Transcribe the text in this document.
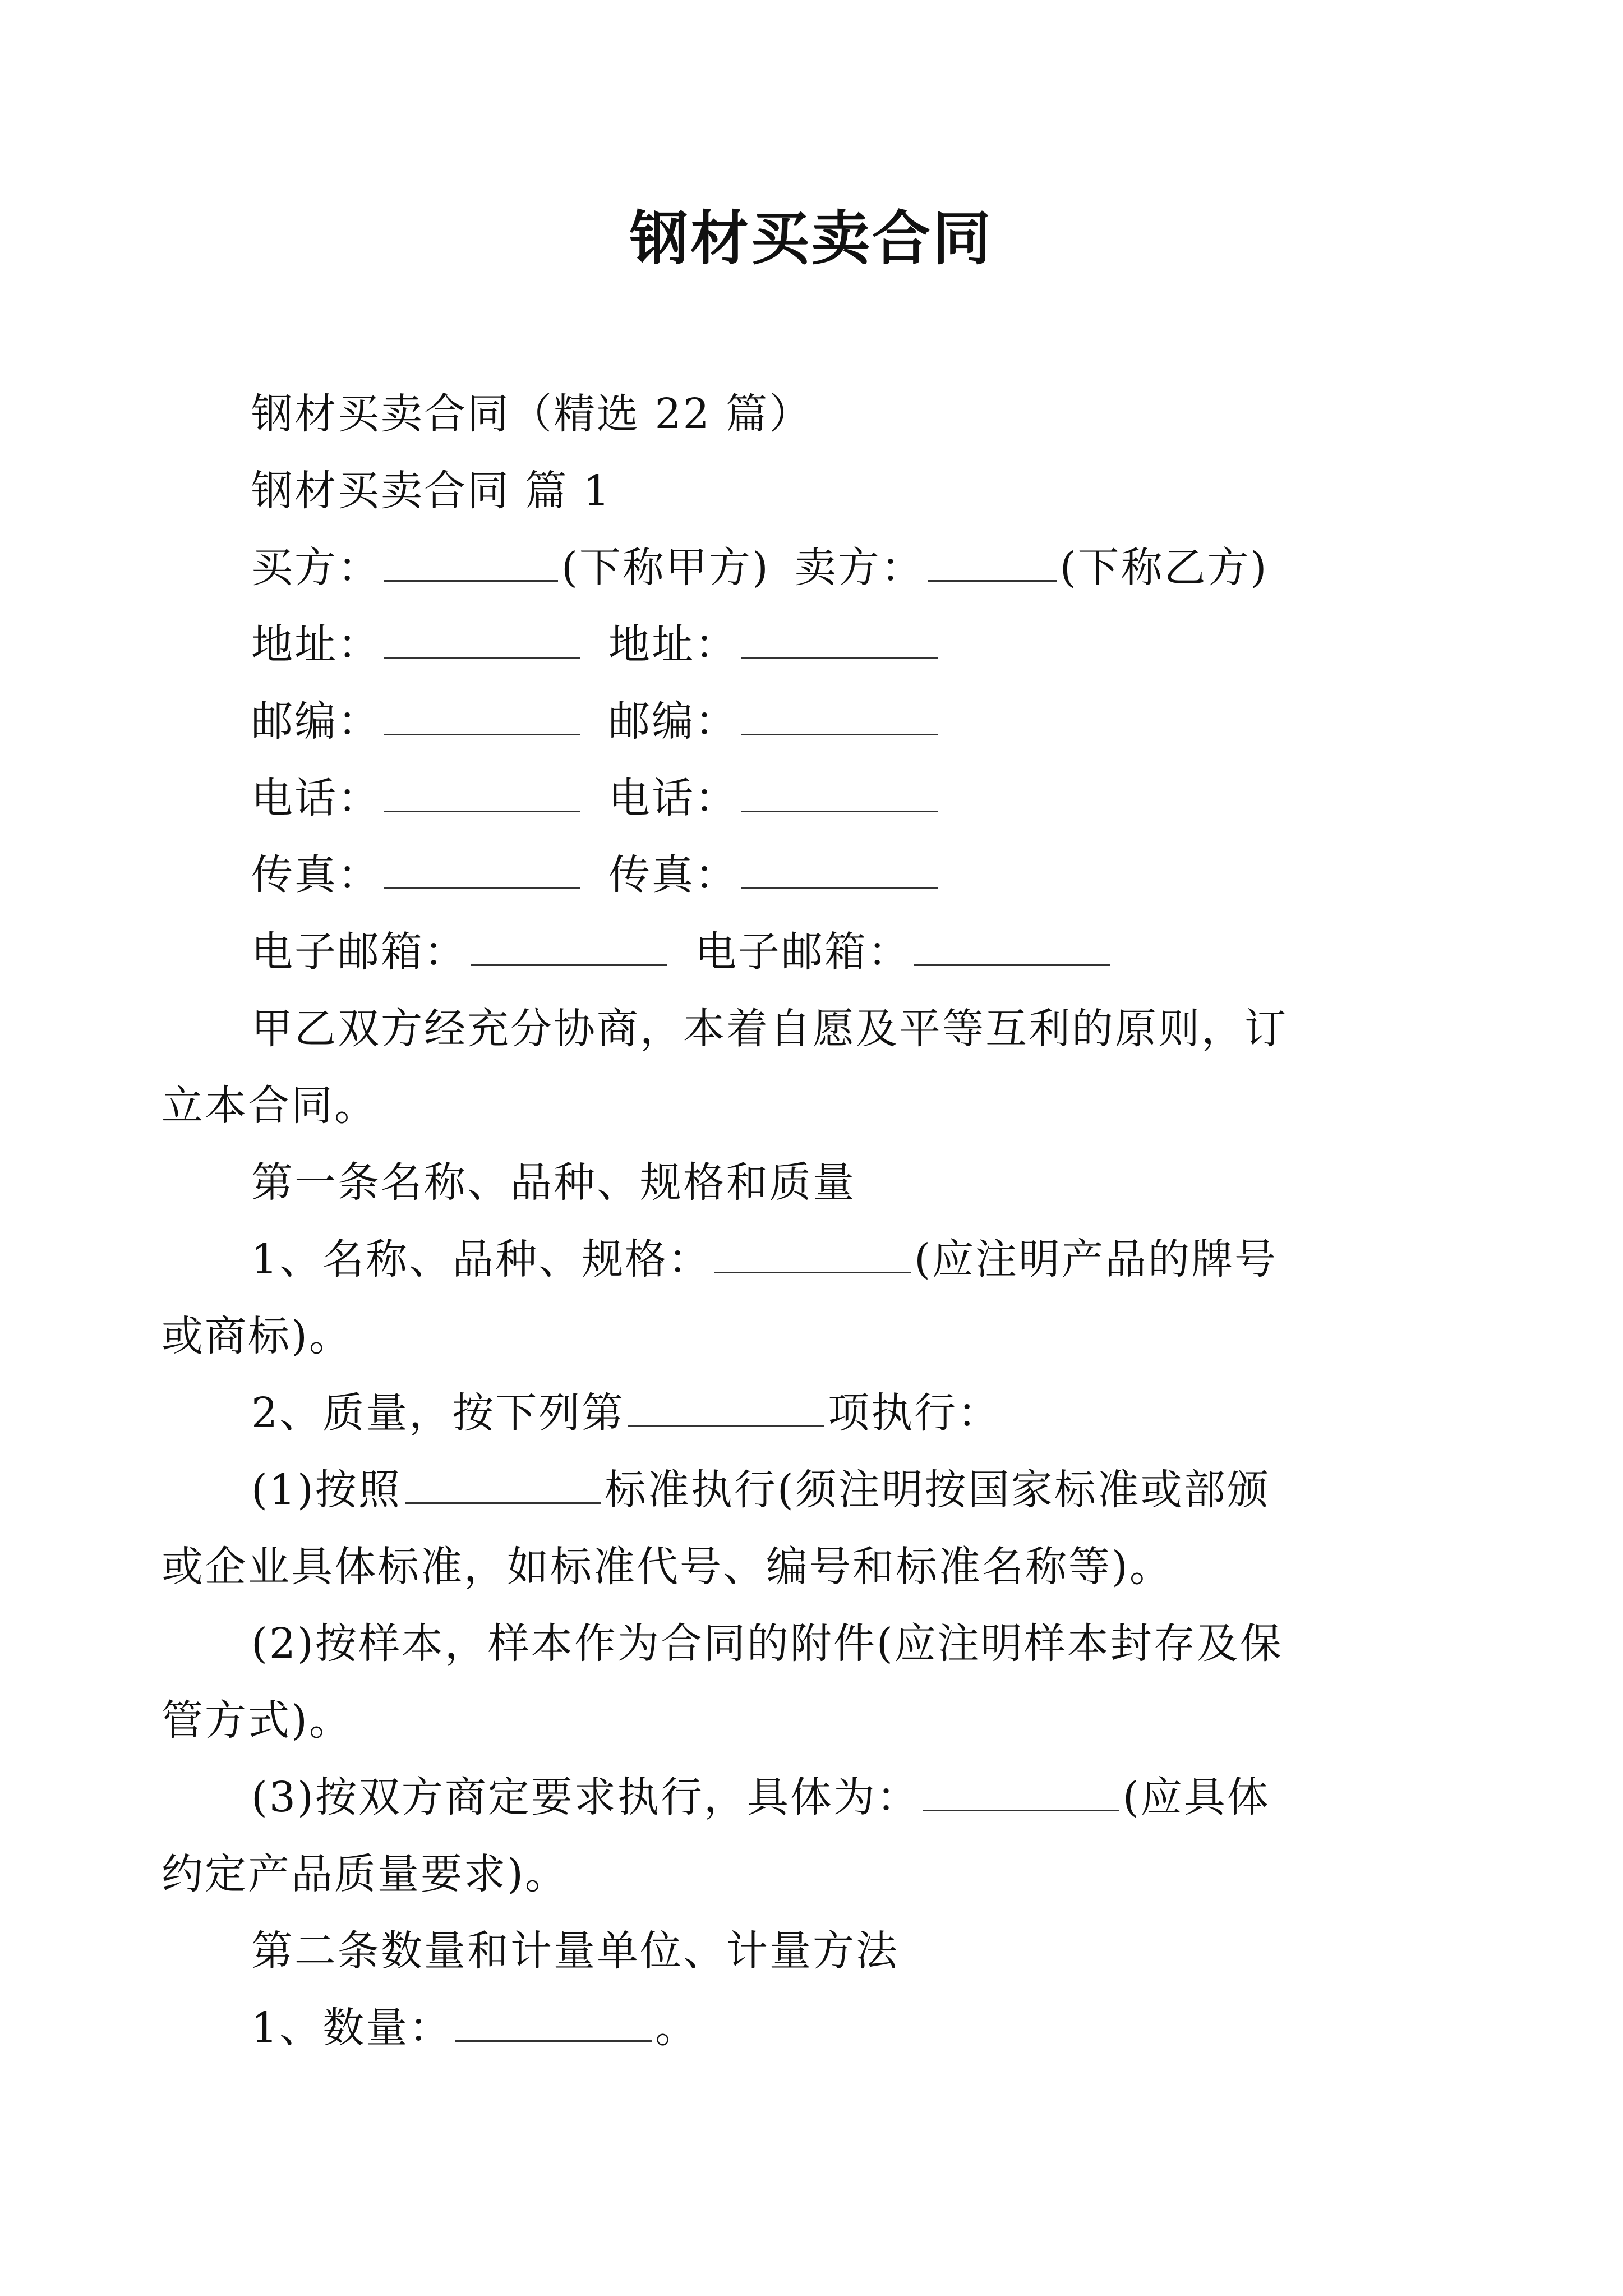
钢材买卖合同

钢材买卖合同（精选 22 篇）

钢材买卖合同 篇 1

买方：	(下称甲方) 卖方：	(下称乙方)

地址：	地址：

邮编：	邮编：

电话：	电话：

传真：	传真：

电子邮箱：	电子邮箱：

甲乙双方经充分协商，本着自愿及平等互利的原则，订

立本合同。

第一条名称、品种、规格和质量

1、名称、品种、规格：	(应注明产品的牌号

或商标)。

2、质量，按下列第	项执行：

(1)按照	标准执行(须注明按国家标准或部颁

或企业具体标准，如标准代号、编号和标准名称等)。

(2)按样本，样本作为合同的附件(应注明样本封存及保

管方式)。

(3)按双方商定要求执行，具体为：	(应具体

约定产品质量要求)。

第二条数量和计量单位、计量方法

1、数量：	。
